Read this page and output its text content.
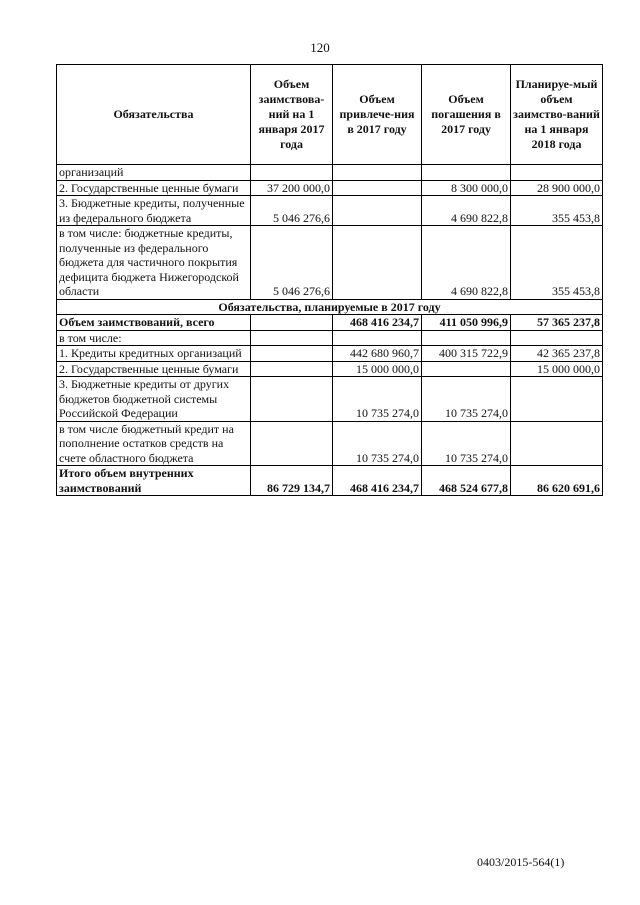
120
Обязательства	Объем заимствова-ний на 1 января 2017 года	Объем привлече-ния в 2017 году	Объем погашения в 2017 году	Планируе-мый объем заимство-ваний на 1 января 2018 года
организаций				
2. Государственные ценные бумаги	37 200 000,0		8 300 000,0	28 900 000,0
3. Бюджетные кредиты, полученные из федерального бюджета	5 046 276,6		4 690 822,8	355 453,8
в том числе: бюджетные кредиты, полученные из федерального бюджета для частичного покрытия дефицита бюджета Нижегородской области	5 046 276,6		4 690 822,8	355 453,8
Обязательства, планируемые в 2017 году				
Объем заимствований, всего		468 416 234,7	411 050 996,9	57 365 237,8
в том числе:				
1. Кредиты кредитных организаций		442 680 960,7	400 315 722,9	42 365 237,8
2. Государственные ценные бумаги		15 000 000,0		15 000 000,0
3. Бюджетные кредиты от других бюджетов бюджетной системы Российской Федерации		10 735 274,0	10 735 274,0	
в том числе бюджетный кредит на пополнение остатков средств на счете областного бюджета		10 735 274,0	10 735 274,0	
Итого объем внутренних заимствований	86 729 134,7	468 416 234,7	468 524 677,8	86 620 691,6
0403/2015-564(1)
